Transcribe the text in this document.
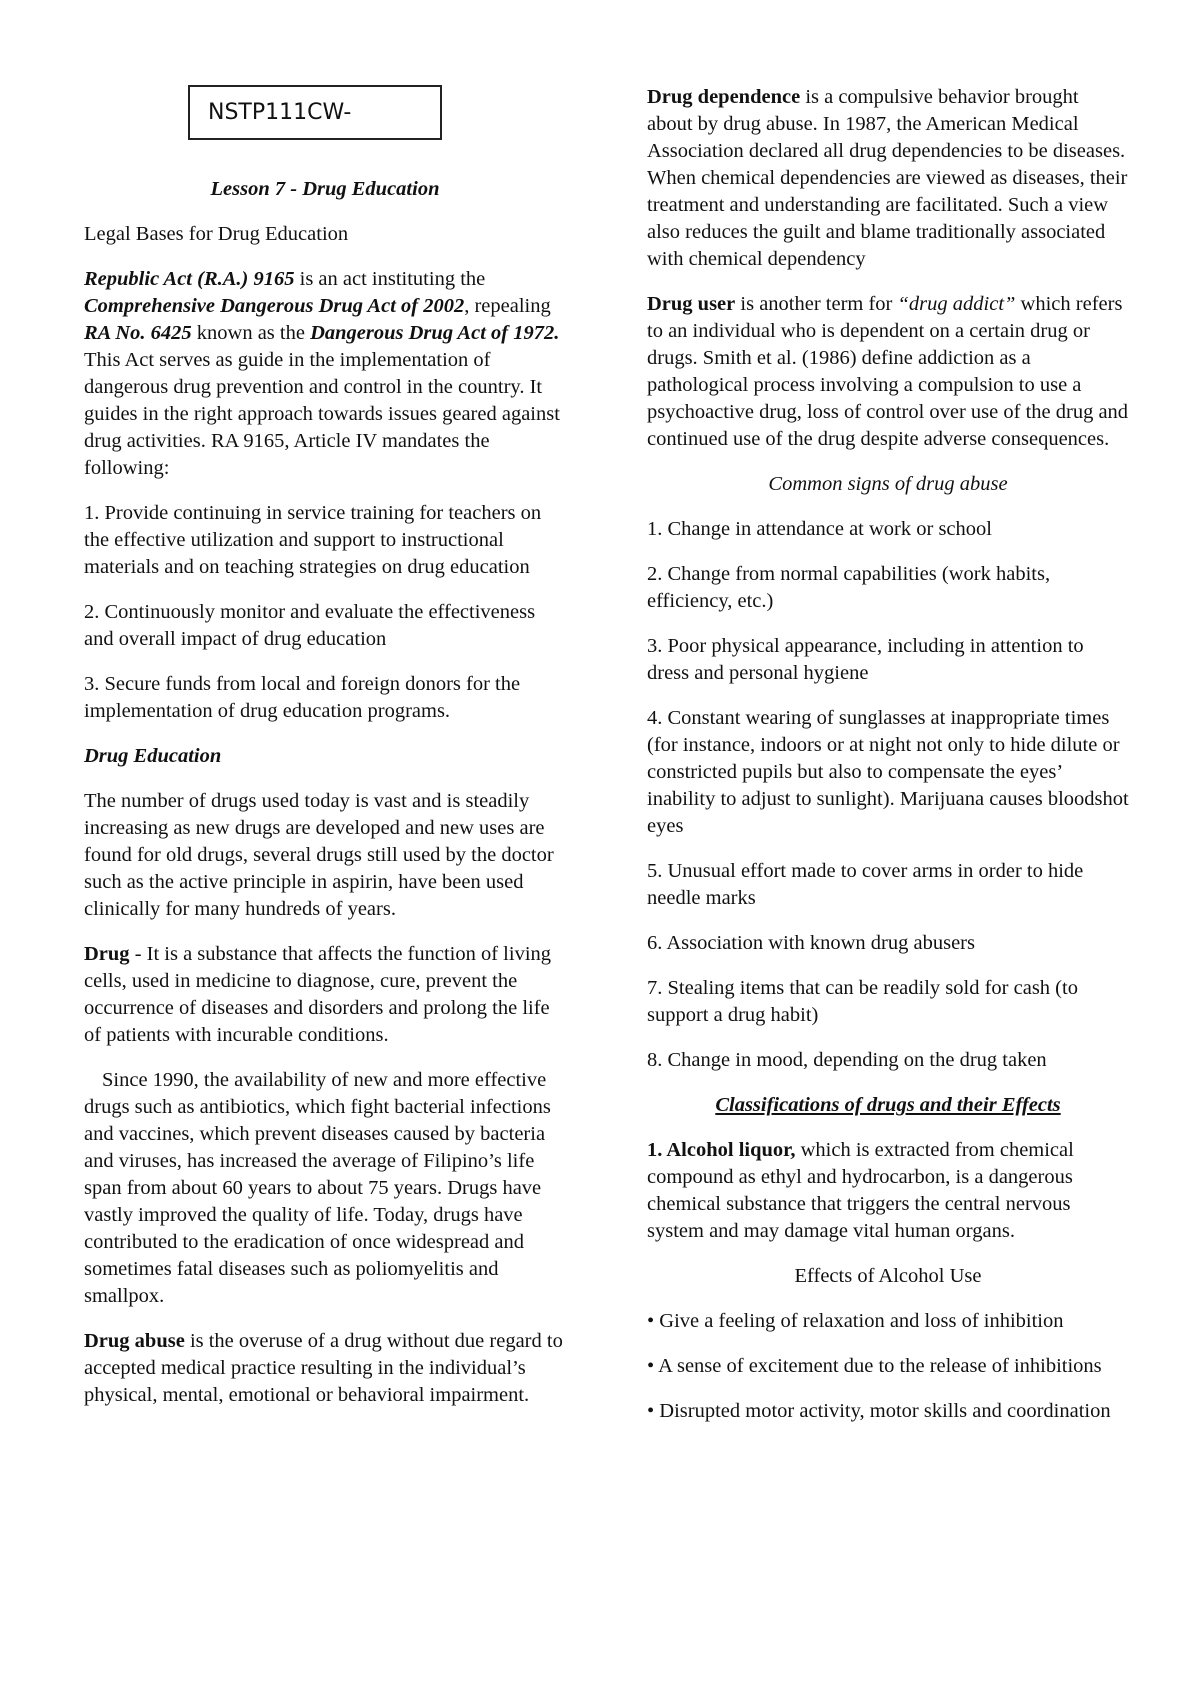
NSTP111CW-

Lesson 7 - Drug Education

Legal Bases for Drug Education

Republic Act (R.A.) 9165 is an act instituting the Comprehensive Dangerous Drug Act of 2002, repealing RA No. 6425 known as the Dangerous Drug Act of 1972. This Act serves as guide in the implementation of dangerous drug prevention and control in the country. It guides in the right approach towards issues geared against drug activities. RA 9165, Article IV mandates the following:

1. Provide continuing in service training for teachers on the effective utilization and support to instructional materials and on teaching strategies on drug education

2. Continuously monitor and evaluate the effectiveness and overall impact of drug education

3. Secure funds from local and foreign donors for the implementation of drug education programs.

Drug Education

The number of drugs used today is vast and is steadily increasing as new drugs are developed and new uses are found for old drugs, several drugs still used by the doctor such as the active principle in aspirin, have been used clinically for many hundreds of years.

Drug - It is a substance that affects the function of living cells, used in medicine to diagnose, cure, prevent the occurrence of diseases and disorders and prolong the life of patients with incurable conditions.

Since 1990, the availability of new and more effective drugs such as antibiotics, which fight bacterial infections and vaccines, which prevent diseases caused by bacteria and viruses, has increased the average of Filipino’s life span from about 60 years to about 75 years. Drugs have vastly improved the quality of life. Today, drugs have contributed to the eradication of once widespread and sometimes fatal diseases such as poliomyelitis and smallpox.

Drug abuse is the overuse of a drug without due regard to accepted medical practice resulting in the individual’s physical, mental, emotional or behavioral impairment.

Drug dependence is a compulsive behavior brought about by drug abuse. In 1987, the American Medical Association declared all drug dependencies to be diseases. When chemical dependencies are viewed as diseases, their treatment and understanding are facilitated. Such a view also reduces the guilt and blame traditionally associated with chemical dependency

Drug user is another term for “drug addict” which refers to an individual who is dependent on a certain drug or drugs. Smith et al. (1986) define addiction as a pathological process involving a compulsion to use a psychoactive drug, loss of control over use of the drug and continued use of the drug despite adverse consequences.

Common signs of drug abuse

1. Change in attendance at work or school

2. Change from normal capabilities (work habits, efficiency, etc.)

3. Poor physical appearance, including in attention to dress and personal hygiene

4. Constant wearing of sunglasses at inappropriate times (for instance, indoors or at night not only to hide dilute or constricted pupils but also to compensate the eyes’ inability to adjust to sunlight). Marijuana causes bloodshot eyes

5. Unusual effort made to cover arms in order to hide needle marks

6. Association with known drug abusers

7. Stealing items that can be readily sold for cash (to support a drug habit)

8. Change in mood, depending on the drug taken

Classifications of drugs and their Effects

1. Alcohol liquor, which is extracted from chemical compound as ethyl and hydrocarbon, is a dangerous chemical substance that triggers the central nervous system and may damage vital human organs.

Effects of Alcohol Use

• Give a feeling of relaxation and loss of inhibition

• A sense of excitement due to the release of inhibitions

• Disrupted motor activity, motor skills and coordination
